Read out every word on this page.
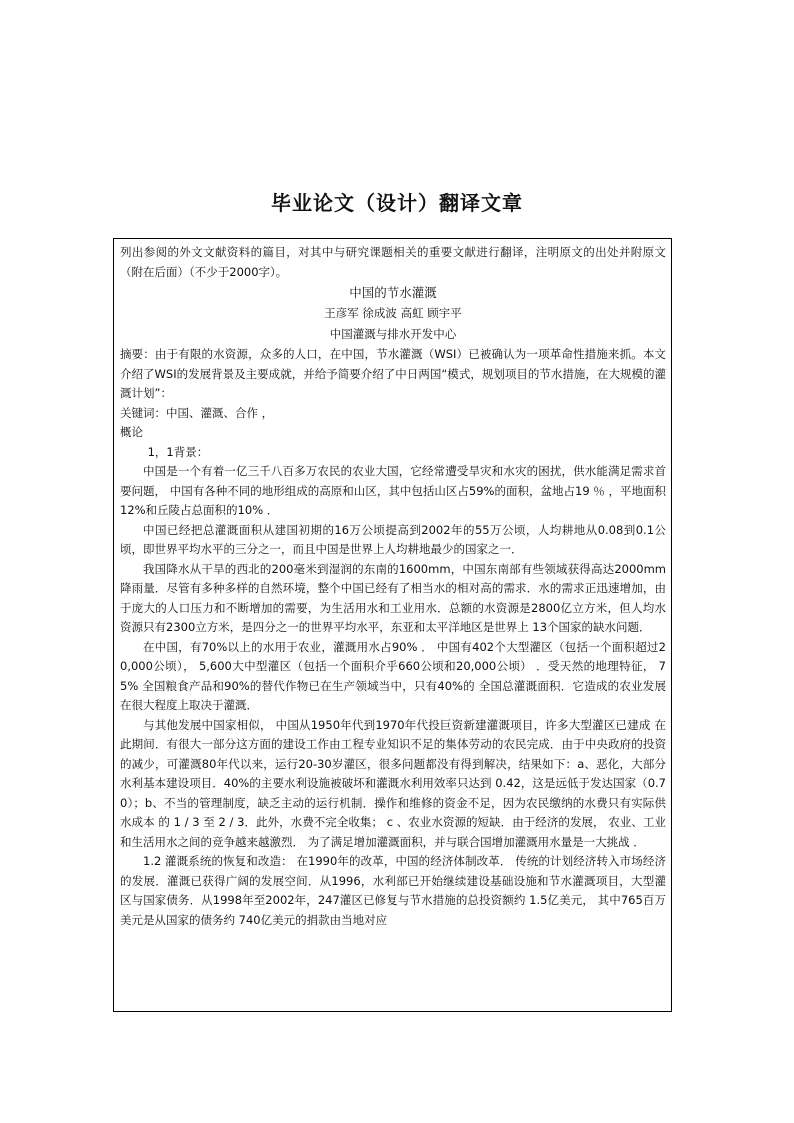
毕业论文（设计）翻译文章

列出参阅的外文文献资料的篇目，对其中与研究课题相关的重要文献进行翻译，注明原文的出处并附原文（附在后面）（不少于2000字）。

中国的节水灌溉

王彦军 徐成波 高虹 顾宇平

中国灌溉与排水开发中心

摘要：由于有限的水资源，众多的人口，在中国，节水灌溉（WSI）已被确认为一项革命性措施来抓。本文介绍了WSI的发展背景及主要成就，并给予简要介绍了中日两国“模式，规划项目的节水措施，在大规模的灌溉计划”：

关键词：中国、灌溉、合作 ，

概论

1，1背景：

中国是一个有着一亿三千八百多万农民的农业大国，它经常遭受旱灾和水灾的困扰，供水能满足需求首要问题， 中国有各种不同的地形组成的高原和山区，其中包括山区占59%的面积，盆地占19 ％ ，平地面积12%和丘陵占总面积的10% ．

中国已经把总灌溉面积从建国初期的16万公顷提高到2002年的55万公顷，人均耕地从0.08到0.1公顷，即世界平均水平的三分之一，而且中国是世界上人均耕地最少的国家之一．

我国降水从干旱的西北的200毫米到湿润的东南的1600mm，中国东南部有些领域获得高达2000mm降雨量．尽管有多种多样的自然环境，整个中国已经有了相当水的相对高的需求．水的需求正迅速增加，由于庞大的人口压力和不断增加的需要，为生活用水和工业用水．总额的水资源是2800亿立方米，但人均水资源只有2300立方米，是四分之一的世界平均水平，东亚和太平洋地区是世界上 13个国家的缺水问题．

在中国，有70%以上的水用于农业，灌溉用水占90% ． 中国有402个大型灌区（包括一个面积超过20,000公顷）， 5,600大中型灌区（包括一个面积介乎660公顷和20,000公顷） ．受天然的地理特征， 75% 全国粮食产品和90%的替代作物已在生产领域当中，只有40%的 全国总灌溉面积．它造成的农业发展在很大程度上取决于灌溉．

与其他发展中国家相似， 中国从1950年代到1970年代投巨资新建灌溉项目，许多大型灌区已建成 在此期间．有很大一部分这方面的建设工作由工程专业知识不足的集体劳动的农民完成．由于中央政府的投资的减少，可灌溉80年代以来，运行20-30岁灌区，很多问题都没有得到解决，结果如下：a、恶化，大部分水利基本建设项目．40%的主要水利设施被破坏和灌溉水利用效率只达到 0.42，这是远低于发达国家（0.70）；b、不当的管理制度，缺乏主动的运行机制．操作和维修的资金不足，因为农民缴纳的水费只有实际供水成本 的 1 / 3 至 2 / 3．此外，水费不完全收集； c 、农业水资源的短缺．由于经济的发展， 农业、工业和生活用水之间的竞争越来越激烈． 为了满足增加灌溉面积，并与联合国增加灌溉用水量是一大挑战 ．

1.2 灌溉系统的恢复和改造： 在1990年的改革，中国的经济体制改革． 传统的计划经济转入市场经济的发展．灌溉已获得广阔的发展空间．从1996，水利部已开始继续建设基础设施和节水灌溉项目，大型灌区与国家债务．从1998年至2002年，247灌区已修复与节水措施的总投资额约 1.5亿美元， 其中765百万美元是从国家的债务约 740亿美元的捐款由当地对应
